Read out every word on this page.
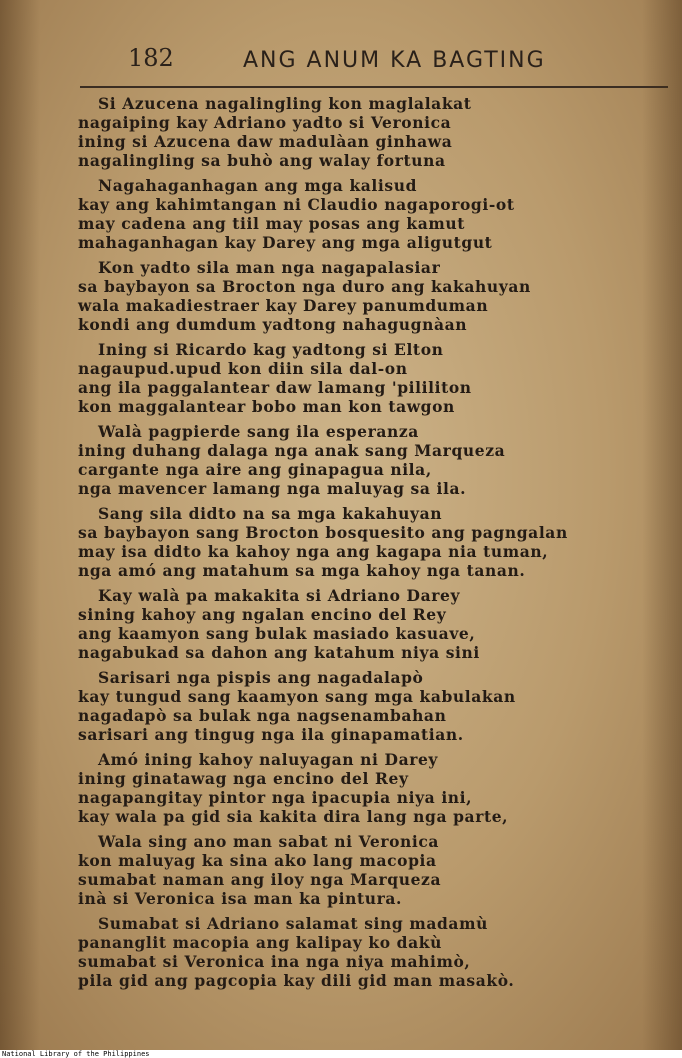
182	ANG ANUM KA BAGTING
Si Azucena nagalingling kon maglalakat
nagaiping kay Adriano yadto si Veronica
ining si Azucena daw madulàan ginhawa
nagalingling sa buhò ang walay fortuna
Nagahaganhagan ang mga kalisud
kay ang kahimtangan ni Claudio nagaporogi-ot
may cadena ang tiil may posas ang kamut
mahaganhagan kay Darey ang mga aligutgut
Kon yadto sila man nga nagapalasiar
sa baybayon sa Brocton nga duro ang kakahuyan
wala makadiestraer kay Darey panumduman
kondi ang dumdum yadtong nahagugnàan
Ining si Ricardo kag yadtong si Elton
nagaupud.upud kon diin sila dal-on
ang ila paggalantear daw lamang 'pililiton
kon maggalantear bobo man kon tawgon
Walà pagpierde sang ila esperanza
ining duhang dalaga nga anak sang Marqueza
cargante nga aire ang ginapagua nila,
nga mavencer lamang nga maluyag sa ila.
Sang sila didto na sa mga kakahuyan
sa baybayon sang Brocton bosquesito ang pagngalan
may isa didto ka kahoy nga ang kagapa nia tuman,
nga amó ang matahum sa mga kahoy nga tanan.
Kay walà pa makakita si Adriano Darey
sining kahoy ang ngalan encino del Rey
ang kaamyon sang bulak masiado kasuave,
nagabukad sa dahon ang katahum niya sini
Sarisari nga pispis ang nagadalapò
kay tungud sang kaamyon sang mga kabulakan
nagadapò sa bulak nga nagsenambahan
sarisari ang tingug nga ila ginapamatian.
Amó ining kahoy naluyagan ni Darey
ining ginatawag nga encino del Rey
nagapangitay pintor nga ipacupia niya ini,
kay wala pa gid sia kakita dira lang nga parte,
Wala sing ano man sabat ni Veronica
kon maluyag ka sina ako lang macopia
sumabat naman ang iloy nga Marqueza
inà si Veronica isa man ka pintura.
Sumabat si Adriano salamat sing madamù
pananglit macopia ang kalipay ko dakù
sumabat si Veronica ina nga niya mahimò,
pila gid ang pagcopia kay dili gid man masakò.
National Library of the Philippines
